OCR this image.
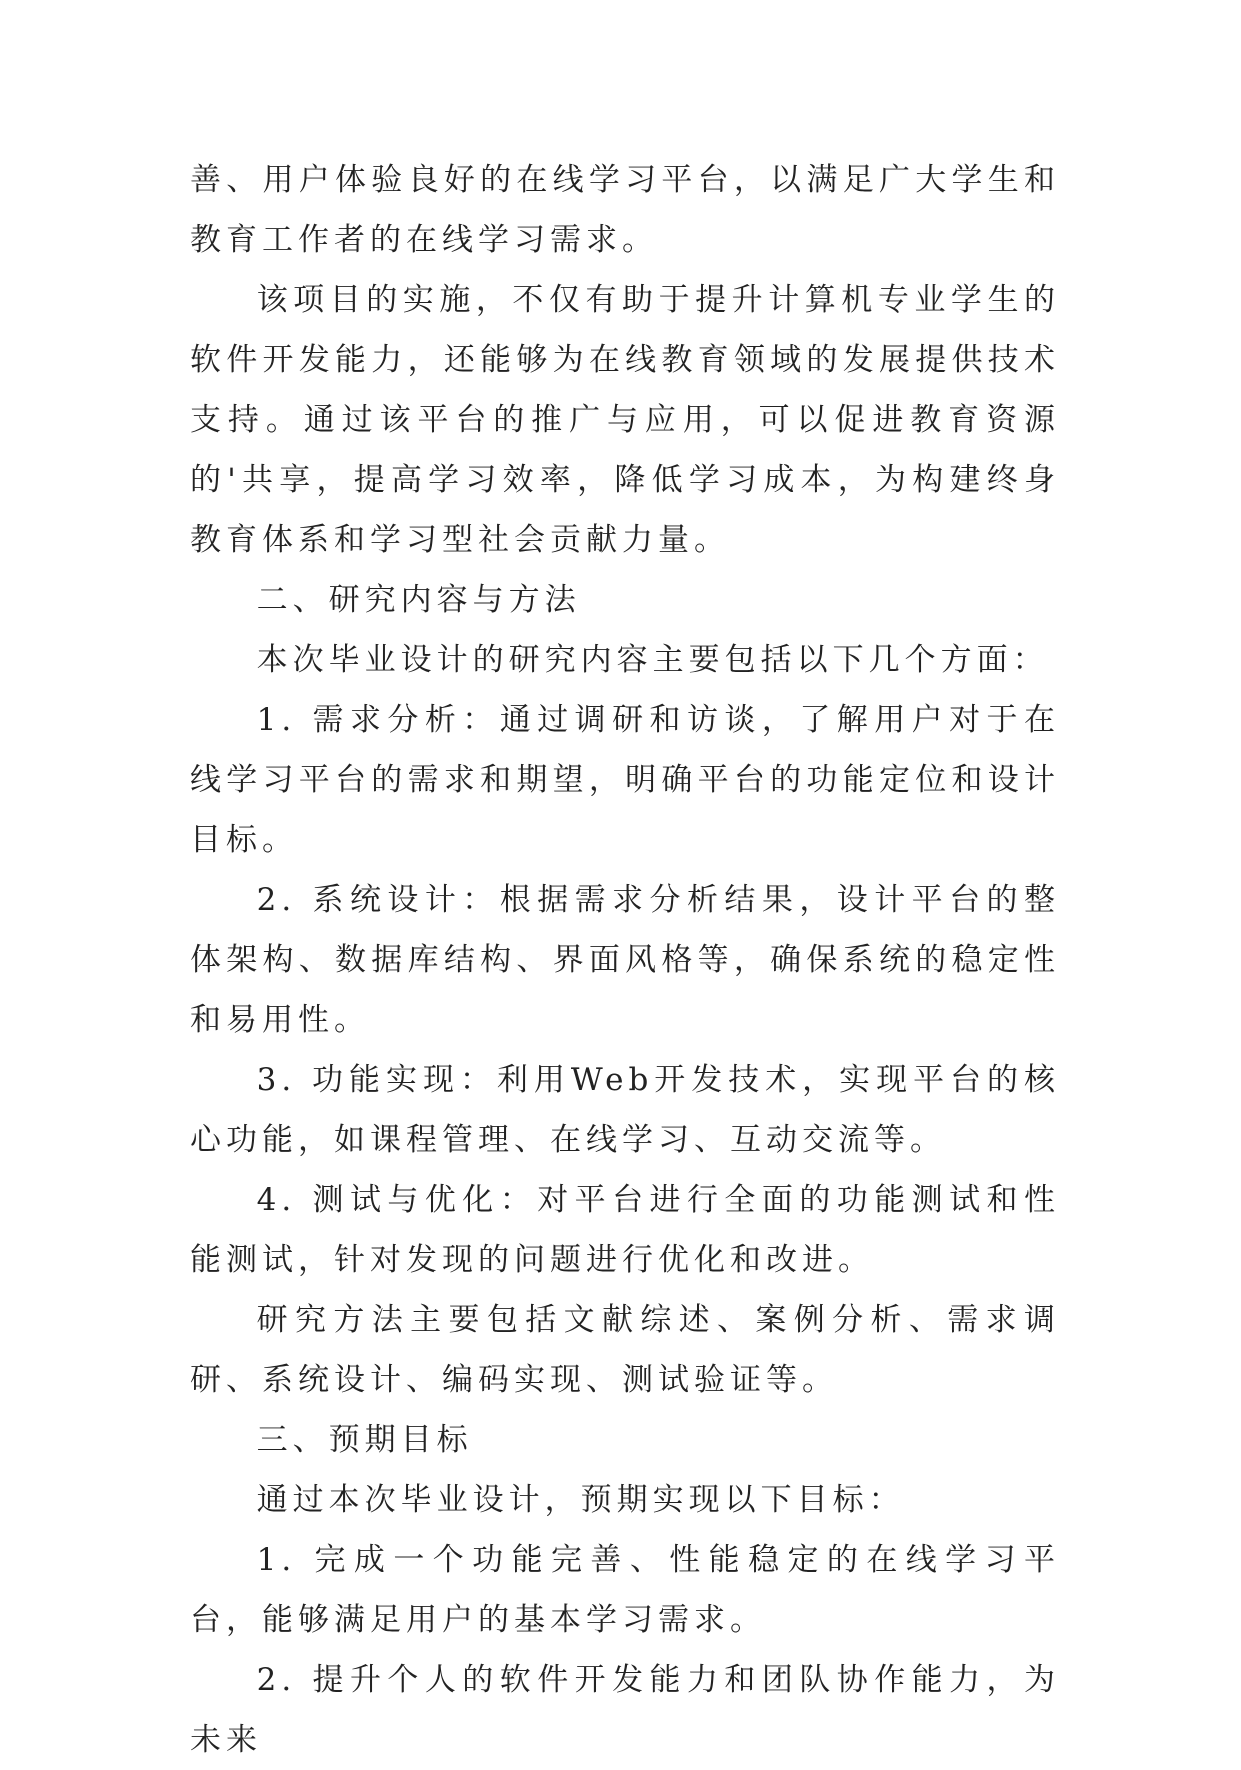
善、用户体验良好的在线学习平台，以满足广大学生和教育工作者的在线学习需求。

该项目的实施，不仅有助于提升计算机专业学生的软件开发能力，还能够为在线教育领域的发展提供技术支持。通过该平台的推广与应用，可以促进教育资源的'共享，提高学习效率，降低学习成本，为构建终身教育体系和学习型社会贡献力量。

二、研究内容与方法

本次毕业设计的研究内容主要包括以下几个方面：

1. 需求分析：通过调研和访谈，了解用户对于在线学习平台的需求和期望，明确平台的功能定位和设计目标。

2. 系统设计：根据需求分析结果，设计平台的整体架构、数据库结构、界面风格等，确保系统的稳定性和易用性。

3. 功能实现：利用Web开发技术，实现平台的核心功能，如课程管理、在线学习、互动交流等。

4. 测试与优化：对平台进行全面的功能测试和性能测试，针对发现的问题进行优化和改进。

研究方法主要包括文献综述、案例分析、需求调研、系统设计、编码实现、测试验证等。

三、预期目标

通过本次毕业设计，预期实现以下目标：

1. 完成一个功能完善、性能稳定的在线学习平台，能够满足用户的基本学习需求。

2. 提升个人的软件开发能力和团队协作能力，为未来
